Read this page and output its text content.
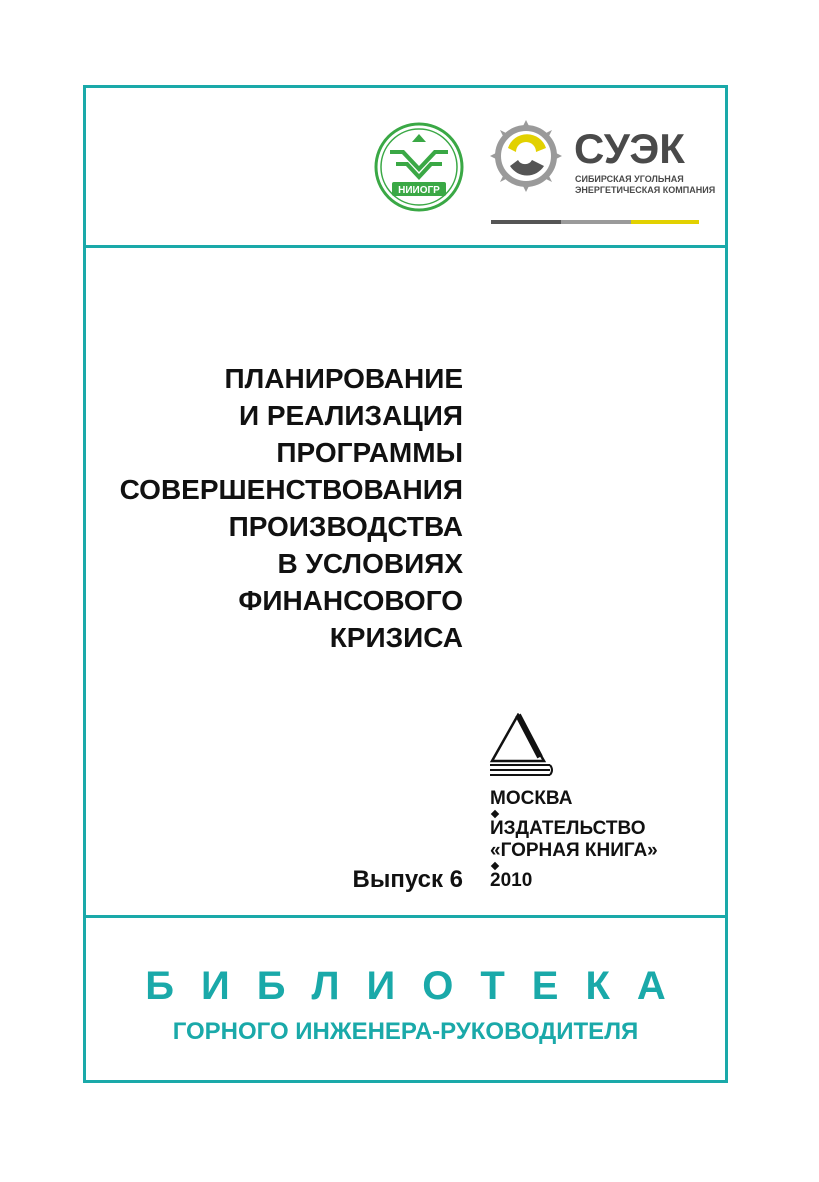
НИИОГР
СУЭК
СИБИРСКАЯ УГОЛЬНАЯ
ЭНЕРГЕТИЧЕСКАЯ КОМПАНИЯ
ПЛАНИРОВАНИЕ
И РЕАЛИЗАЦИЯ
ПРОГРАММЫ
СОВЕРШЕНСТВОВАНИЯ
ПРОИЗВОДСТВА
В УСЛОВИЯХ
ФИНАНСОВОГО
КРИЗИСА
МОСКВА
ИЗДАТЕЛЬСТВО
«ГОРНАЯ КНИГА»
2010
Выпуск 6
БИБЛИОТЕКА
ГОРНОГО ИНЖЕНЕРА-РУКОВОДИТЕЛЯ
